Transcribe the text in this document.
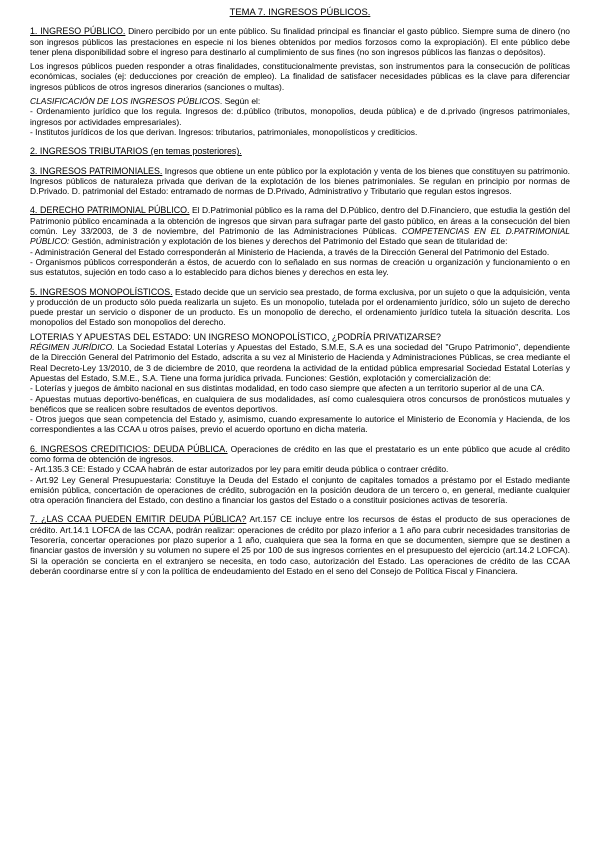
TEMA 7. INGRESOS PÚBLICOS.

1. INGRESO PÚBLICO. Dinero percibido por un ente público. Su finalidad principal es financiar el gasto público. Siempre suma de dinero (no son ingresos públicos las prestaciones en especie ni los bienes obtenidos por medios forzosos como la expropiación). El ente público debe tener plena disponibilidad sobre el ingreso para destinarlo al cumplimiento de sus fines (no son ingresos públicos las fianzas o depósitos).

Los ingresos públicos pueden responder a otras finalidades, constitucionalmente previstas, son instrumentos para la consecución de políticas económicas, sociales (ej: deducciones por creación de empleo). La finalidad de satisfacer necesidades públicas es la clave para diferenciar ingresos públicos de otros ingresos dinerarios (sanciones o multas).

CLASIFICACIÓN DE LOS INGRESOS PÚBLICOS. Según el:

- Ordenamiento jurídico que los regula. Ingresos de: d.público (tributos, monopolios, deuda pública) e de d.privado (ingresos patrimoniales, ingresos por actividades empresariales).

- Institutos jurídicos de los que derivan. Ingresos: tributarios, patrimoniales, monopolísticos y crediticios.

2. INGRESOS TRIBUTARIOS (en temas posteriores).

3. INGRESOS PATRIMONIALES. Ingresos que obtiene un ente público por la explotación y venta de los bienes que constituyen su patrimonio. Ingresos públicos de naturaleza privada que derivan de la explotación de los bienes patrimoniales. Se regulan en principio por normas de D.Privado. D. patrimonial del Estado: entramado de normas de D.Privado, Administrativo y Tributario que regulan estos ingresos.

4. DERECHO PATRIMONIAL PÚBLICO. El D.Patrimonial público es la rama del D.Público, dentro del D.Financiero, que estudia la gestión del Patrimonio público encaminada a la obtención de ingresos que sirvan para sufragar parte del gasto público, en áreas a la consecución del bien común. Ley 33/2003, de 3 de noviembre, del Patrimonio de las Administraciones Públicas. COMPETENCIAS EN EL D.PATRIMONIAL PÚBLICO: Gestión, administración y explotación de los bienes y derechos del Patrimonio del Estado que sean de titularidad de:

- Administración General del Estado corresponderán al Ministerio de Hacienda, a través de la Dirección General del Patrimonio del Estado.

- Organismos públicos corresponderán a éstos, de acuerdo con lo señalado en sus normas de creación u organización y funcionamiento o en sus estatutos, sujeción en todo caso a lo establecido para dichos bienes y derechos en esta ley.

5. INGRESOS MONOPOLÍSTICOS. Estado decide que un servicio sea prestado, de forma exclusiva, por un sujeto o que la adquisición, venta y producción de un producto sólo pueda realizarla un sujeto. Es un monopolio, tutelada por el ordenamiento jurídico, sólo un sujeto de derecho puede prestar un servicio o disponer de un producto. Es un monopolio de derecho, el ordenamiento jurídico tutela la situación descrita. Los monopolios del Estado son monopolios del derecho.

LOTERIAS Y APUESTAS DEL ESTADO: UN INGRESO MONOPOLÍSTICO, ¿PODRÍA PRIVATIZARSE?

RÉGIMEN JURÍDICO. La Sociedad Estatal Loterías y Apuestas del Estado, S.M.E, S.A es una sociedad del "Grupo Patrimonio", dependiente de la Dirección General del Patrimonio del Estado, adscrita a su vez al Ministerio de Hacienda y Administraciones Públicas, se crea mediante el Real Decreto-Ley 13/2010, de 3 de diciembre de 2010, que reordena la actividad de la entidad pública empresarial Sociedad Estatal Loterías y Apuestas del Estado, S.M.E., S.A. Tiene una forma jurídica privada. Funciones: Gestión, explotación y comercialización de:

- Loterías y juegos de ámbito nacional en sus distintas modalidad, en todo caso siempre que afecten a un territorio superior al de una CA.

- Apuestas mutuas deportivo-benéficas, en cualquiera de sus modalidades, así como cualesquiera otros concursos de pronósticos mutuales y benéficos que se realicen sobre resultados de eventos deportivos.

- Otros juegos que sean competencia del Estado y, asimismo, cuando expresamente lo autorice el Ministerio de Economía y Hacienda, de los correspondientes a las CCAA u otros países, previo el acuerdo oportuno en dicha materia.

6. INGRESOS CREDITICIOS: DEUDA PÚBLICA. Operaciones de crédito en las que el prestatario es un ente público que acude al crédito como forma de obtención de ingresos.

- Art.135.3 CE: Estado y CCAA habrán de estar autorizados por ley para emitir deuda pública o contraer crédito.

- Art.92 Ley General Presupuestaria: Constituye la Deuda del Estado el conjunto de capitales tomados a préstamo por el Estado mediante emisión pública, concertación de operaciones de crédito, subrogación en la posición deudora de un tercero o, en general, mediante cualquier otra operación financiera del Estado, con destino a financiar los gastos del Estado o a constituir posiciones activas de tesorería.

7. ¿LAS CCAA PUEDEN EMITIR DEUDA PÚBLICA? Art.157 CE incluye entre los recursos de éstas el producto de sus operaciones de crédito. Art.14.1 LOFCA de las CCAA, podrán realizar: operaciones de crédito por plazo inferior a 1 año para cubrir necesidades transitorias de Tesorería, concertar operaciones por plazo superior a 1 año, cualquiera que sea la forma en que se documenten, siempre que se destinen a financiar gastos de inversión y su volumen no supere el 25 por 100 de sus ingresos corrientes en el presupuesto del ejercicio (art.14.2 LOFCA). Si la operación se concierta en el extranjero se necesita, en todo caso, autorización del Estado. Las operaciones de crédito de las CCAA deberán coordinarse entre sí y con la política de endeudamiento del Estado en el seno del Consejo de Política Fiscal y Financiera.
